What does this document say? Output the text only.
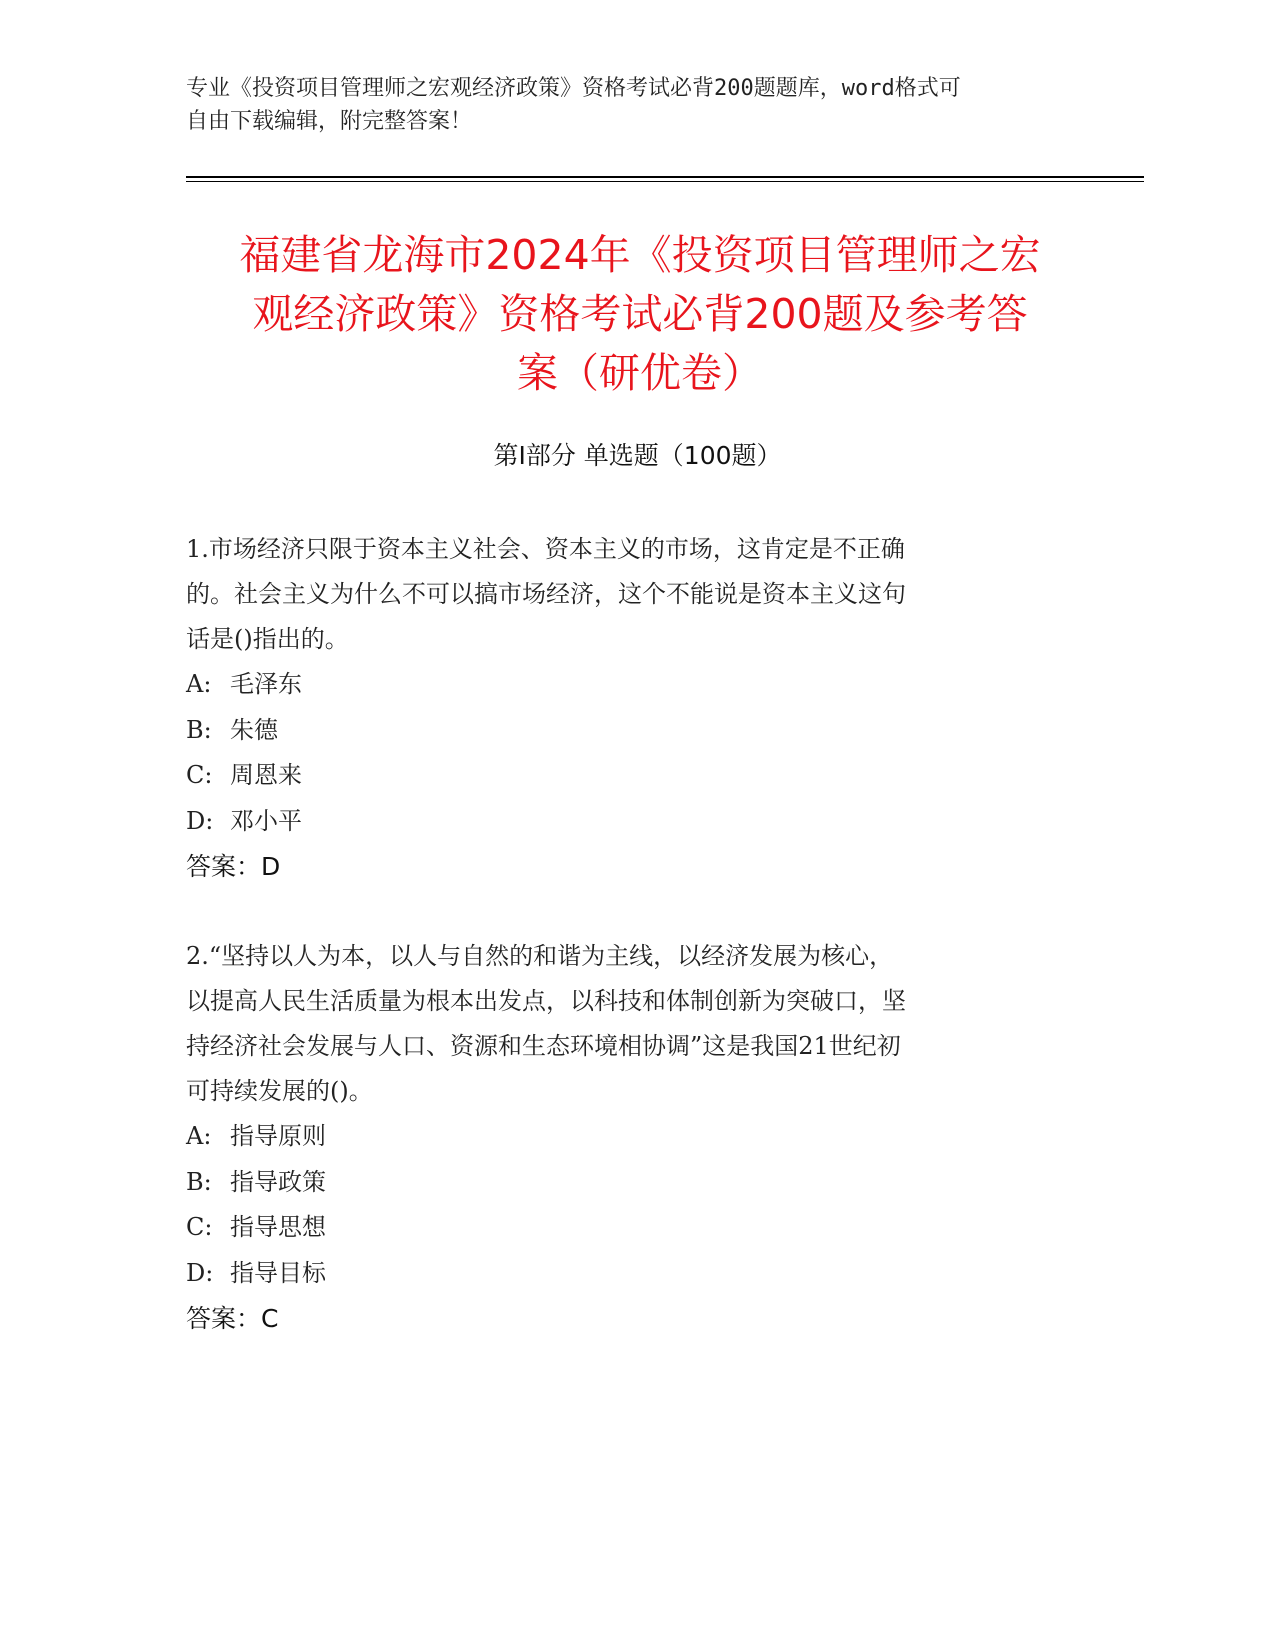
专业《投资项目管理师之宏观经济政策》资格考试必背200题题库，word格式可
自由下载编辑，附完整答案！
福建省龙海市2024年《投资项目管理师之宏
观经济政策》资格考试必背200题及参考答
案（研优卷）
第Ⅰ部分 单选题（100题）

1.市场经济只限于资本主义社会、资本主义的市场，这肯定是不正确
的。社会主义为什么不可以搞市场经济，这个不能说是资本主义这句
话是()指出的。

A: 毛泽东

B: 朱德

C: 周恩来

D: 邓小平

答案：D

2.“坚持以人为本，以人与自然的和谐为主线，以经济发展为核心，
以提高人民生活质量为根本出发点，以科技和体制创新为突破口，坚
持经济社会发展与人口、资源和生态环境相协调”这是我国21世纪初
可持续发展的()。

A: 指导原则

B: 指导政策

C: 指导思想

D: 指导目标

答案：C
